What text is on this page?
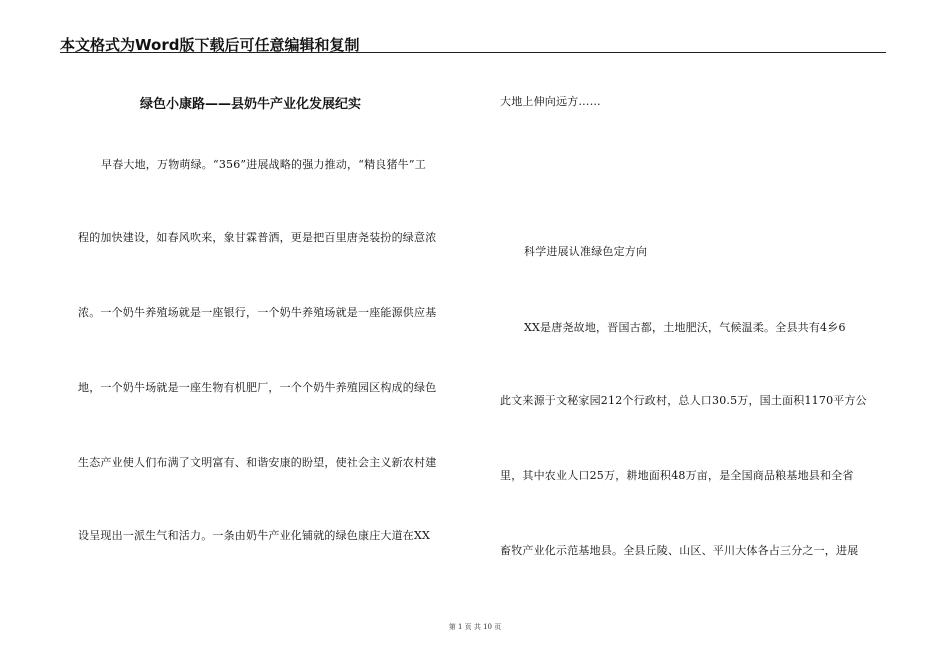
本文格式为Word版下载后可任意编辑和复制
绿色小康路——县奶牛产业化发展纪实
早春大地，万物萌绿。“356”进展战略的强力推动，“精良猪牛”工
程的加快建设，如春风吹来，象甘霖普洒，更是把百里唐尧装扮的绿意浓
浓。一个奶牛养殖场就是一座银行，一个奶牛养殖场就是一座能源供应基
地，一个奶牛场就是一座生物有机肥厂，一个个奶牛养殖园区构成的绿色
生态产业使人们布满了文明富有、和谐安康的盼望，使社会主义新农村建
设呈现出一派生气和活力。一条由奶牛产业化铺就的绿色康庄大道在XX
大地上伸向远方……
科学进展认准绿色定方向
XX是唐尧故地，晋国古都，土地肥沃，气候温柔。全县共有4乡6
此文来源于文秘家园212个行政村，总人口30.5万，国土面积1170平方公
里，其中农业人口25万，耕地面积48万亩，是全国商品粮基地县和全省
畜牧产业化示范基地县。全县丘陵、山区、平川大体各占三分之一，进展
第 1 页 共 10 页
